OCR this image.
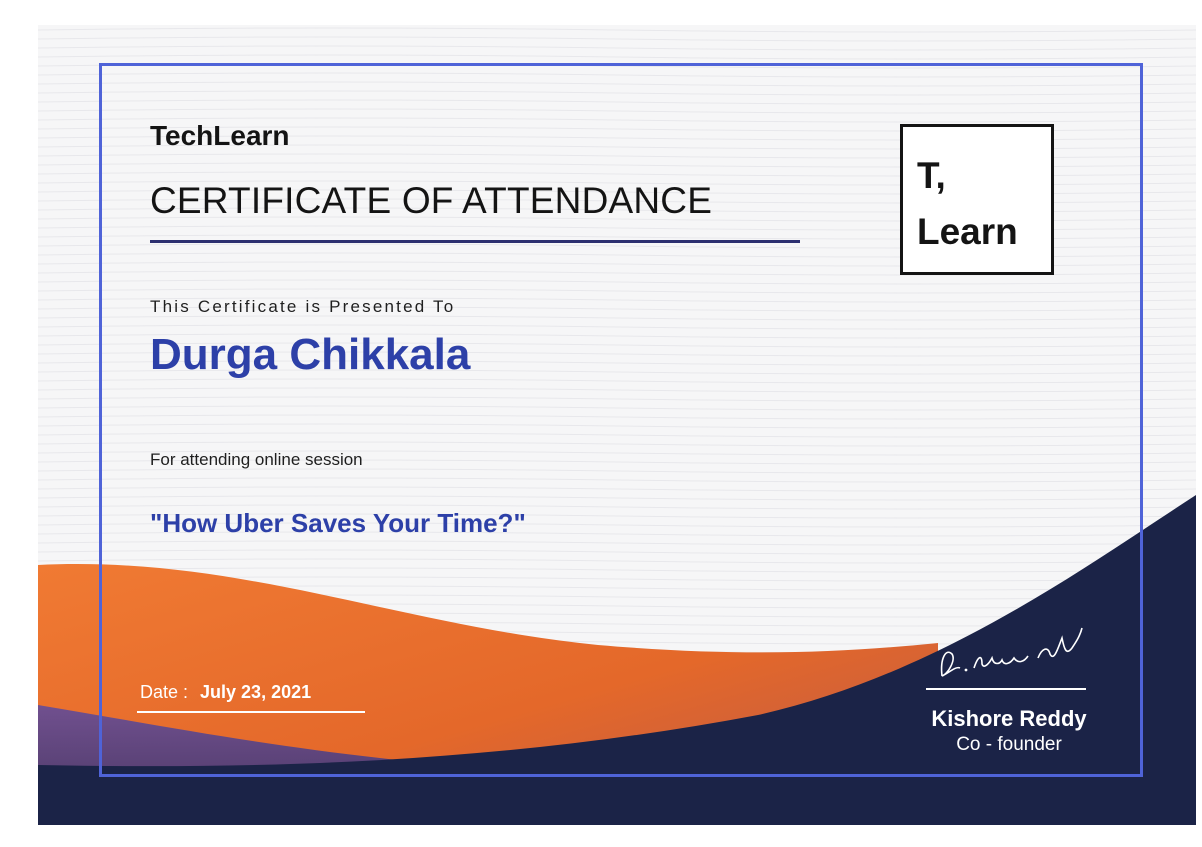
TechLearn
CERTIFICATE OF ATTENDANCE
T,
Learn
This Certificate is Presented To
Durga Chikkala
For attending online session
"How Uber Saves Your Time?"
Date : July 23, 2021
Kishore Reddy
Co - founder
